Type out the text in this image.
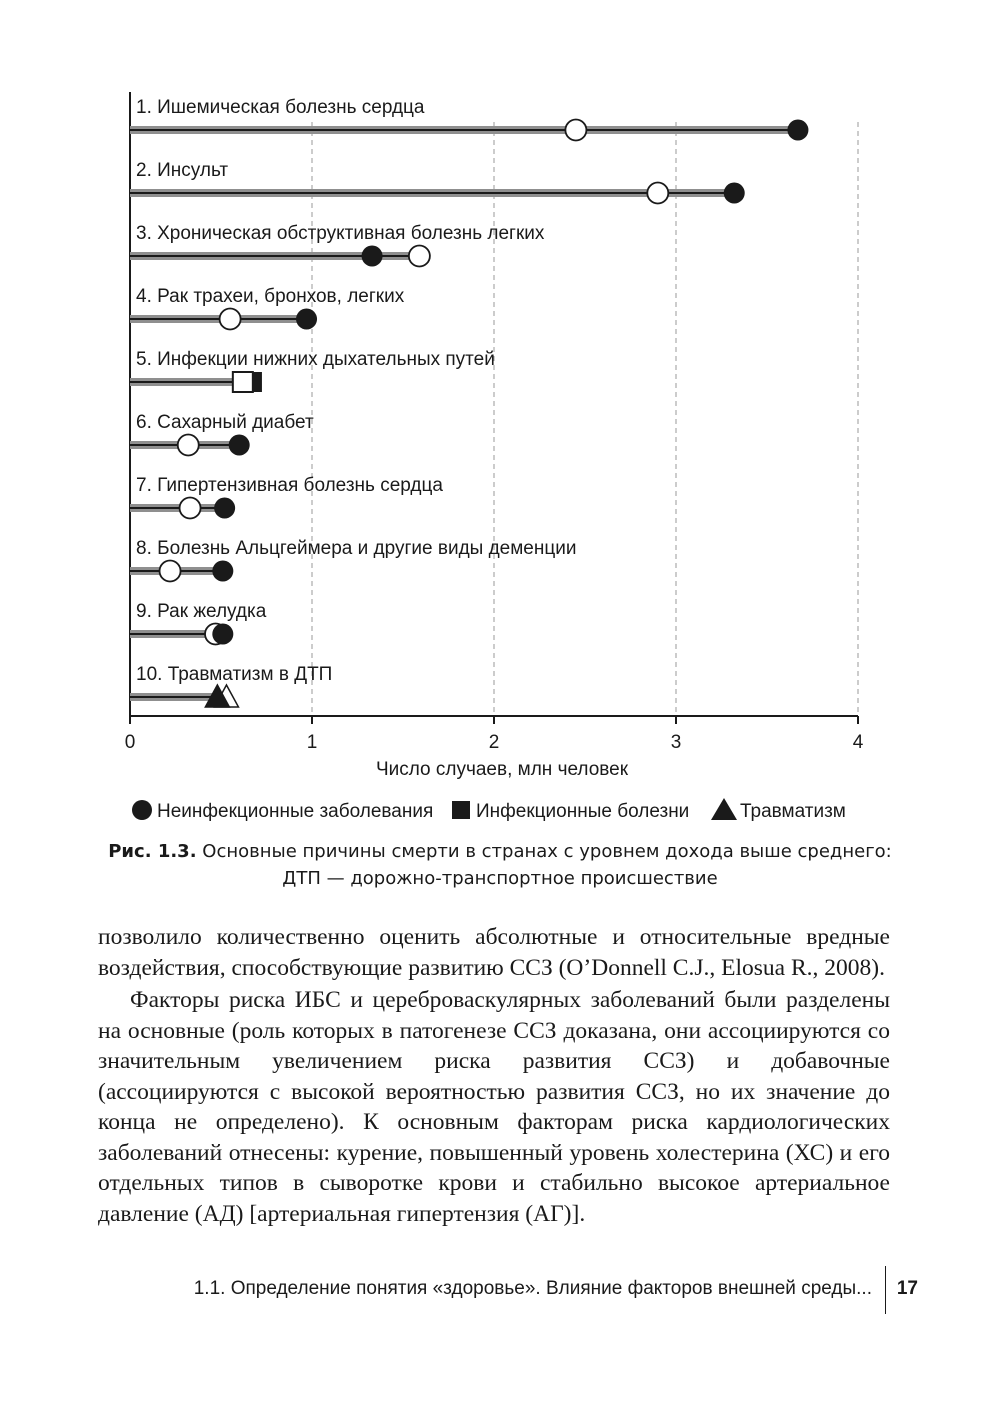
0	1	2	3	4
Число случаев, млн человек
1. Ишемическая болезнь сердца
2. Инсульт
3. Хроническая обструктивная болезнь легких
4. Рак трахеи, бронхов, легких
5. Инфекции нижних дыхательных путей
6. Сахарный диабет
7. Гипертензивная болезнь сердца
8. Болезнь Альцгеймера и другие виды деменции
9. Рак желудка
10. Травматизм в ДТП
Неинфекционные заболевания Инфекционные болезни	Травматизм
Рис. 1.3. Основные причины смерти в странах с уровнем дохода выше среднего:
ДТП — дорожно-транспортное происшествие

позволило количественно оценить абсолютные и относительные вредные воздействия, способствующие развитию ССЗ (O’Donnell C.J., Elosua R., 2008).

Факторы риска ИБС и цереброваскулярных заболеваний были разделены на основные (роль которых в патогенезе ССЗ доказана, они ассоциируются со значительным увеличением риска развития ССЗ) и добавочные (ассоциируются с высокой вероятностью развития ССЗ, но их значение до конца не определено). К основным факторам риска кардиологических заболеваний отнесены: курение, повышенный уровень холестерина (ХС) и его отдельных типов в сыворотке крови и стабильно высокое артериальное давление (АД) [артериальная гипертензия (АГ)].

1.1. Определение понятия «здоровье». Влияние факторов внешней среды... 17
